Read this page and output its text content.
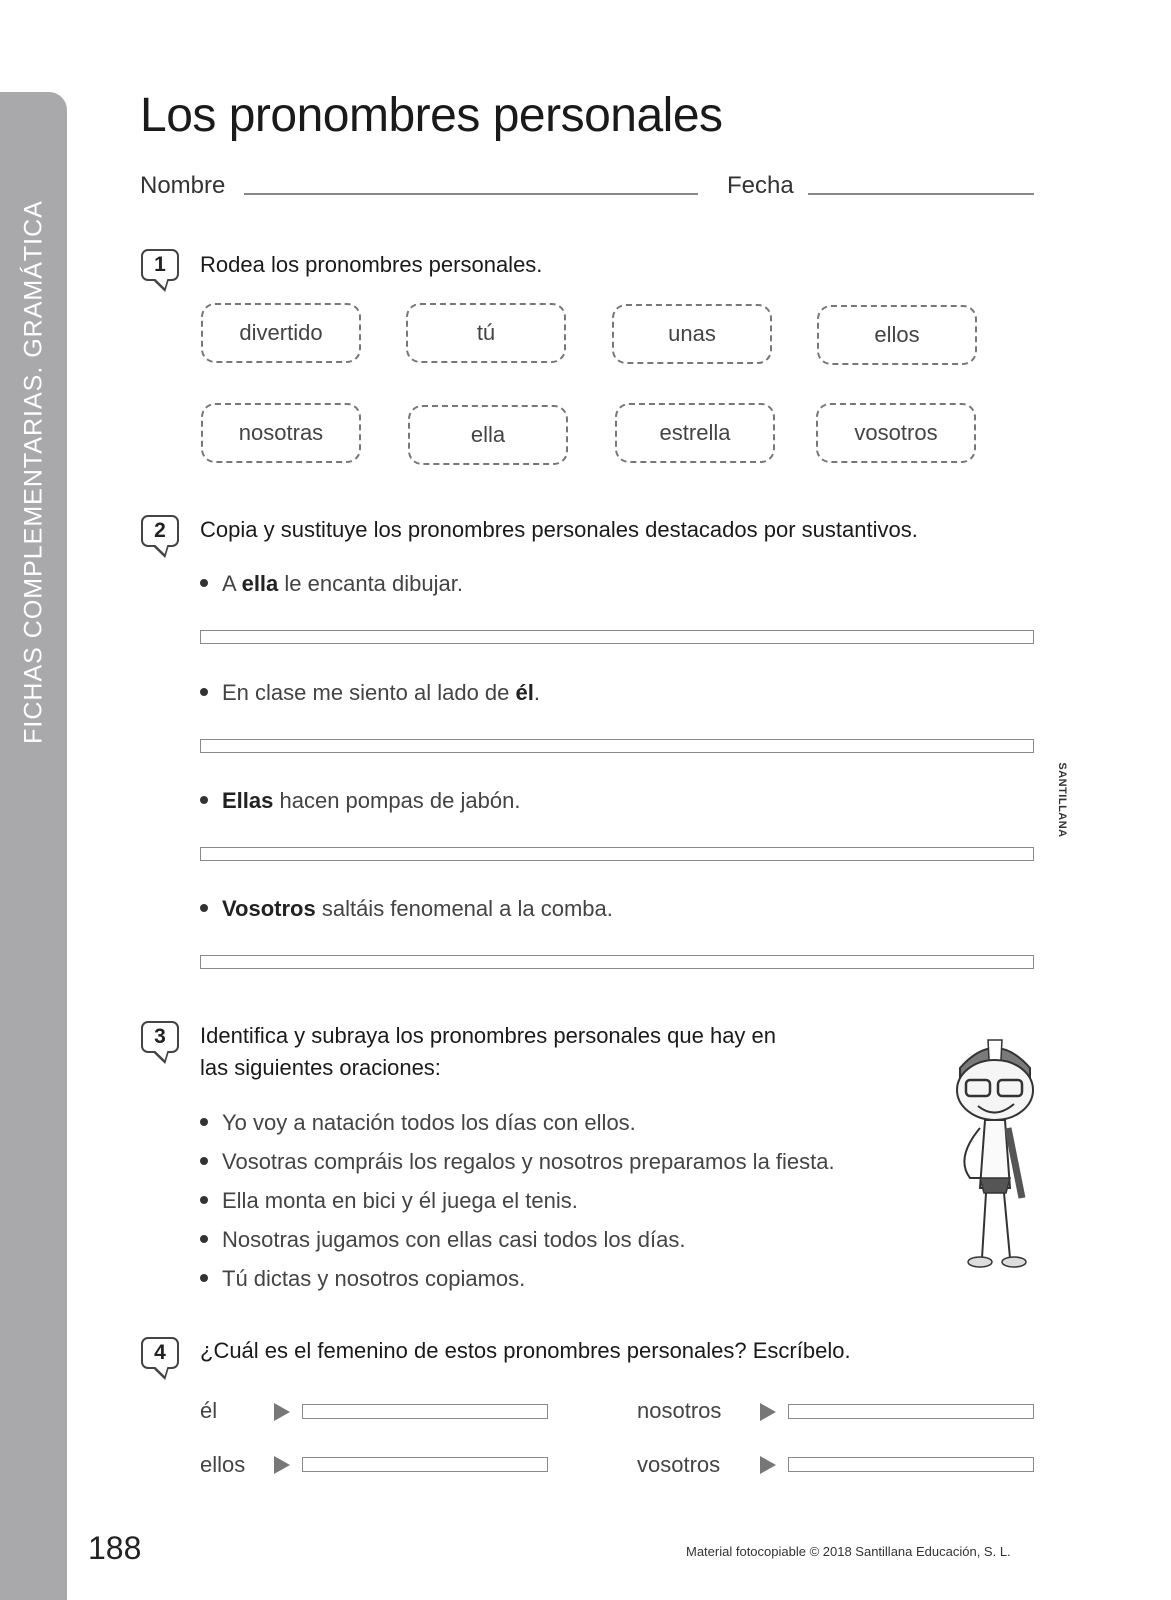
FICHAS COMPLEMENTARIAS. GRAMÁTICA
Los pronombres personales
Nombre	Fecha
1	Rodea los pronombres personales.
divertido	tú	unas	ellos
nosotras	ella	estrella	vosotros
2	Copia y sustituye los pronombres personales destacados por sustantivos.
A ella le encanta dibujar.
En clase me siento al lado de él.
Ellas hacen pompas de jabón.
Vosotros saltáis fenomenal a la comba.
SANTILLANA
3	Identifica y subraya los pronombres personales que hay en
las siguientes oraciones:
Yo voy a natación todos los días con ellos.
Vosotras compráis los regalos y nosotros preparamos la fiesta.
Ella monta en bici y él juega el tenis.
Nosotras jugamos con ellas casi todos los días.
Tú dictas y nosotros copiamos.
4	¿Cuál es el femenino de estos pronombres personales? Escríbelo.
él
ellos
nosotros
vosotros
188	Material fotocopiable © 2018 Santillana Educación, S. L.
